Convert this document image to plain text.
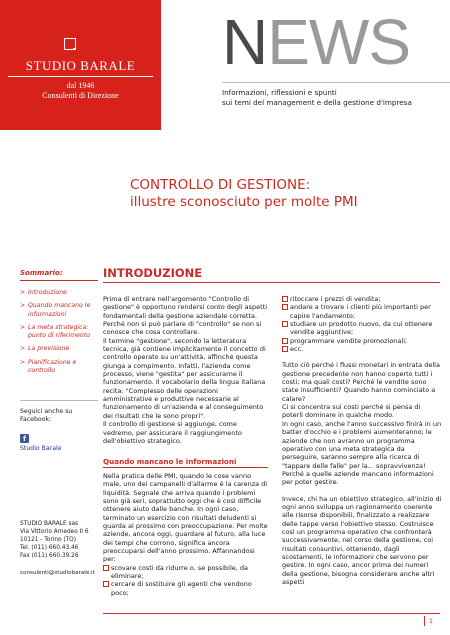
STUDIO BARALE
dal 1946
Consulenti di Direzione
NEWS
Informazioni, riflessioni e spunti
sui temi del management e della gestione d'impresa
CONTROLLO DI GESTIONE:
illustre sconosciuto per molte PMI
Sommario:
> Introduzione
> Quando mancano le informazioni
> La meta strategica: punto di riferimento
> La previsione
> Pianificazione e controllo
Seguici anche su Facebook:
f
Studio Barale
STUDIO BARALE sas
Via Vittorio Amedeo II 6
10121 - Torino (TO)
Tel. (011) 660.43.46
Fax (011) 660.39.26
consulenti@studiobarale.it
INTRODUZIONE

Prima di entrare nell'argomento "Controllo di gestione" è opportuno rendersi conto degli aspetti fondamentali della gestione aziendale corretta. Perché non si può parlare di "controllo" se non si conosce che cosa controllare.

Il termine "gestione", secondo la letteratura tecnica, già contiene implicitamente il concetto di controllo operato su un'attività, affinché questa giunga a compimento. Infatti, l'azienda come processo, viene "gestita" per assicurarne il funzionamento. Il vocabolario della lingua italiana recita: "Complesso delle operazioni amministrative e produttive necessarie al funzionamento di un'azienda e al conseguimento dei risultati che le sono propri".

Il controllo di gestione si aggiunge, come vedremo, per assicurare il raggiungimento dell'obiettivo strategico.

Quando mancano le informazioni

Nella pratica delle PMI, quando le cose vanno male, uno dei campanelli d'allarme è la carenza di liquidità. Segnale che arriva quando i problemi sono già seri, soprattutto oggi che è così difficile ottenere aiuto dalle banche. In ogni caso, terminato un esercizio con risultati deludenti si guarda al prossimo con preoccupazione. Per molte aziende, ancora oggi, guardare al futuro, alla luce dei tempi che corrono, significa ancora preoccuparsi dell'anno prossimo. Affannandosi per:

scovare costi da ridurre o, se possibile, da eliminare;
cercare di sostituire gli agenti che vendono poco;
ritoccare i prezzi di vendita;
andare a trovare i clienti più importanti per capire l'andamento;
studiare un prodotto nuovo, da cui ottenere vendite aggiuntive;
programmare vendite promozionali;
ecc.

Tutto ciò perché i flussi monetari in entrata della gestione precedente non hanno coperto tutti i costi; ma quali costi? Perché le vendite sono state insufficienti? Quando hanno cominciato a calare?

Ci si concentra sui costi perché si pensa di poterli dominare in qualche modo.

In ogni caso, anche l'anno successivo finirà in un batter d'occhio e i problemi aumenteranno; le aziende che non avranno un programma operativo con una meta strategica da perseguire, saranno sempre alla ricerca di "tappare delle falle" per la... sopravvivenza! Perché a quelle aziende mancano informazioni per poter gestire.

Invece, chi ha un obiettivo strategico, all'inizio di ogni anno sviluppa un ragionamento coerente alle risorse disponibili, finalizzato a realizzare delle tappe verso l'obiettivo stesso. Costruisce così un programma operativo che confronterà successivamente, nel corso della gestione, coi risultati consuntivi, ottenendo, dagli scostamenti, le informazioni che servono per gestire. In ogni caso, ancor prima dei numeri della gestione, bisogna considerare anche altri aspetti

1
